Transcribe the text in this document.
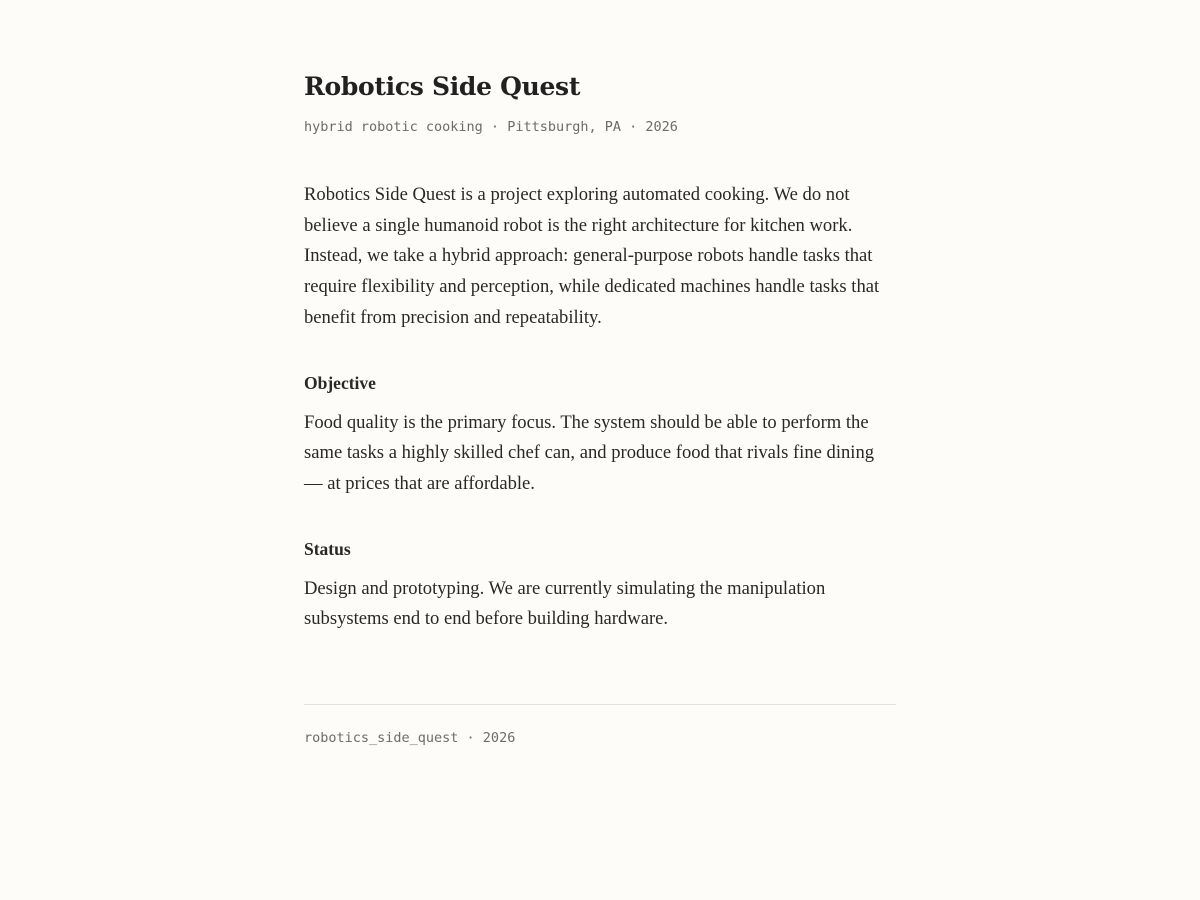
Robotics Side Quest
hybrid robotic cooking · Pittsburgh, PA · 2026

Robotics Side Quest is a project exploring automated cooking. We do not believe a single humanoid robot is the right architecture for kitchen work. Instead, we take a hybrid approach: general-purpose robots handle tasks that require flexibility and perception, while dedicated machines handle tasks that benefit from precision and repeatability.

Objective

Food quality is the primary focus. The system should be able to perform the same tasks a highly skilled chef can, and produce food that rivals fine dining — at prices that are affordable.

Status

Design and prototyping. We are currently simulating the manipulation subsystems end to end before building hardware.

robotics_side_quest · 2026
